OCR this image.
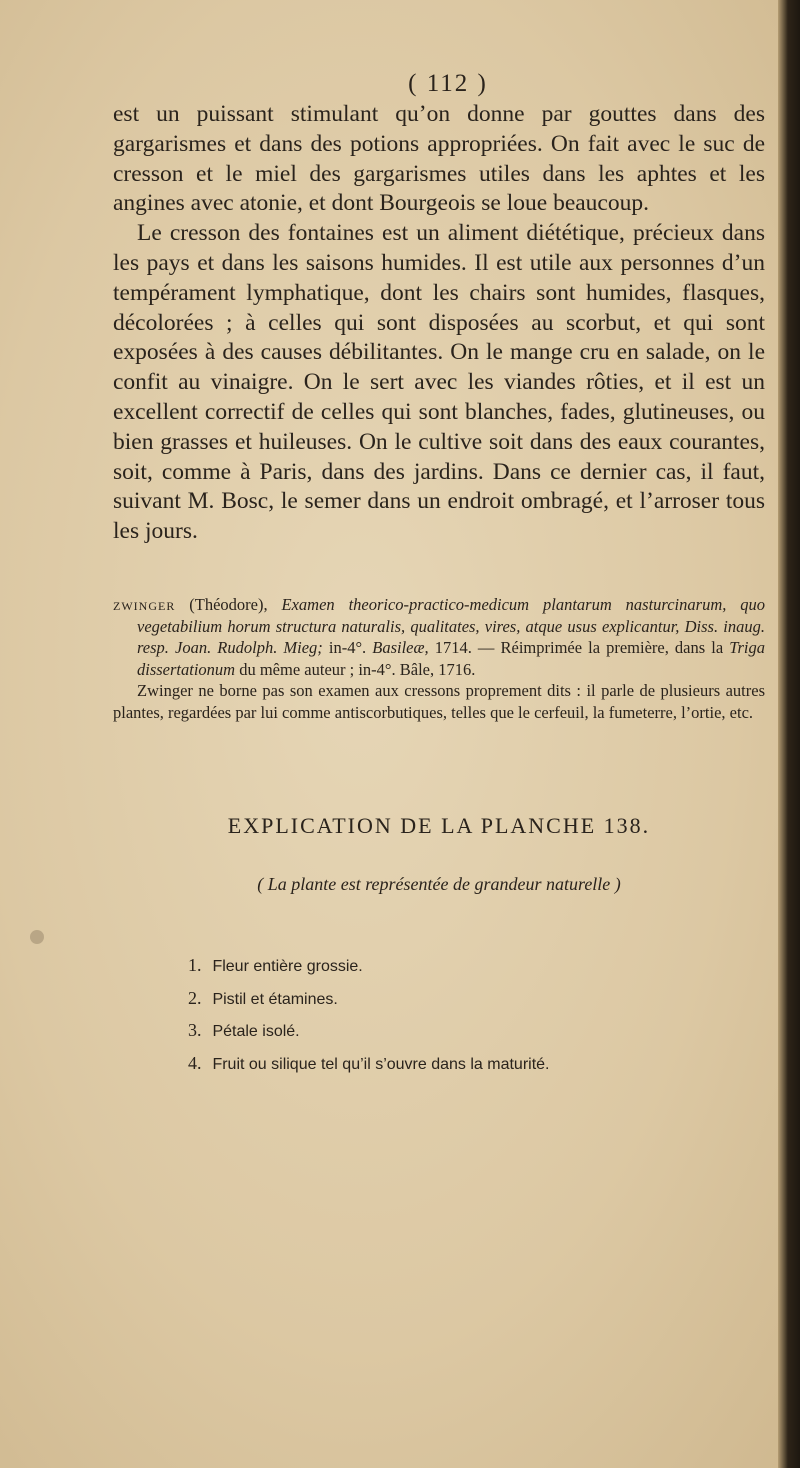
( 112 )

est un puissant stimulant qu’on donne par gouttes dans des gargarismes et dans des potions appropriées. On fait avec le suc de cresson et le miel des gargarismes utiles dans les aphtes et les angines avec atonie, et dont Bourgeois se loue beaucoup.

Le cresson des fontaines est un aliment diététique, précieux dans les pays et dans les saisons humides. Il est utile aux personnes d’un tempérament lymphatique, dont les chairs sont humides, flasques, décolorées ; à celles qui sont disposées au scorbut, et qui sont exposées à des causes débilitantes. On le mange cru en salade, on le confit au vinaigre. On le sert avec les viandes rôties, et il est un excellent correctif de celles qui sont blanches, fades, glutineuses, ou bien grasses et huileuses. On le cultive soit dans des eaux courantes, soit, comme à Paris, dans des jardins. Dans ce dernier cas, il faut, suivant M. Bosc, le semer dans un endroit ombragé, et l’arroser tous les jours.

zwinger (Théodore), Examen theorico-practico-medicum plantarum nasturcinarum, quo vegetabilium horum structura naturalis, qualitates, vires, atque usus explicantur, Diss. inaug. resp. Joan. Rudolph. Mieg; in-4°. Basileæ, 1714. — Réimprimée la première, dans la Triga dissertationum du même auteur ; in-4°. Bâle, 1716.

Zwinger ne borne pas son examen aux cressons proprement dits : il parle de plusieurs autres plantes, regardées par lui comme antiscorbutiques, telles que le cerfeuil, la fumeterre, l’ortie, etc.

EXPLICATION DE LA PLANCHE 138.
( La plante est représentée de grandeur naturelle )
1. Fleur entière grossie.
2. Pistil et étamines.
3. Pétale isolé.
4. Fruit ou silique tel qu’il s’ouvre dans la maturité.
